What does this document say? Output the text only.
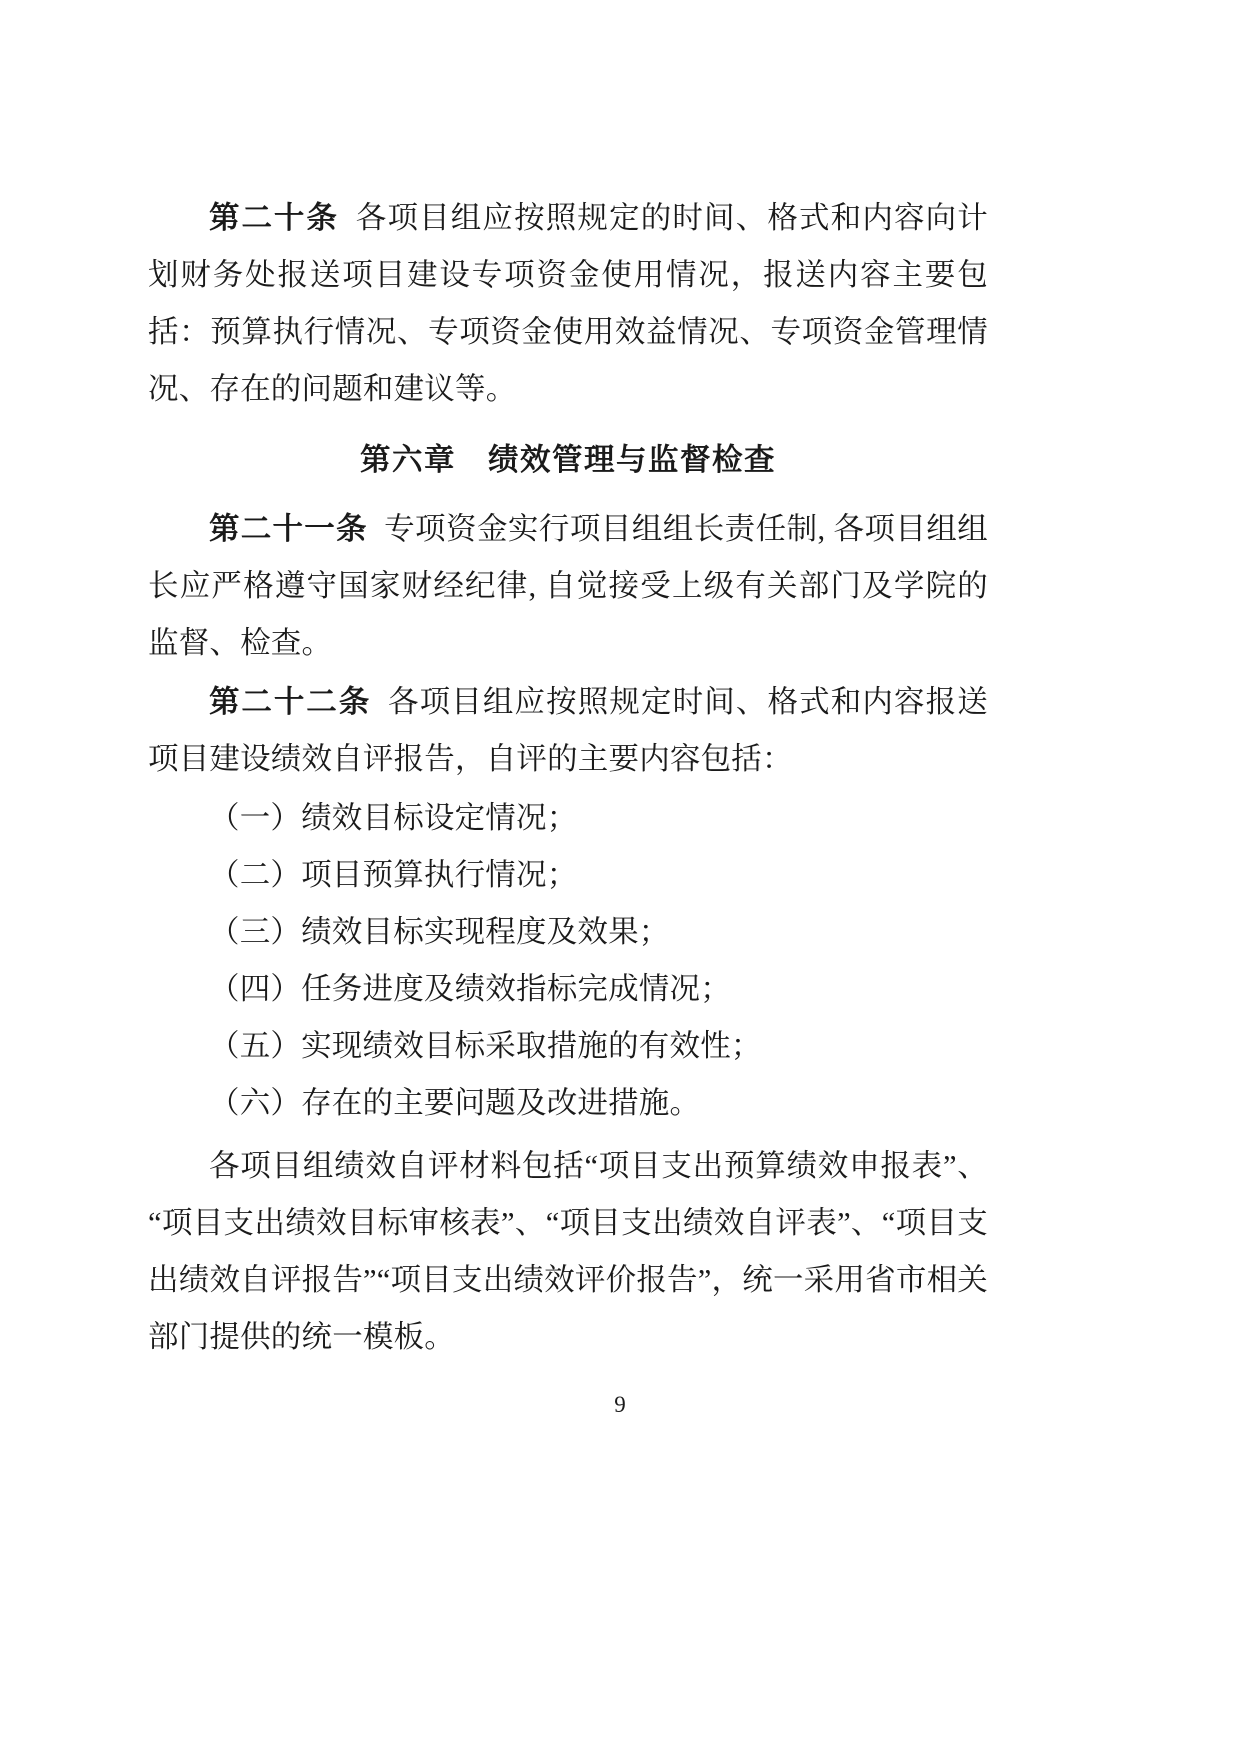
第二十条 各项目组应按照规定的时间、格式和内容向计划财务处报送项目建设专项资金使用情况，报送内容主要包括：预算执行情况、专项资金使用效益情况、专项资金管理情况、存在的问题和建议等。

第六章　绩效管理与监督检查

第二十一条 专项资金实行项目组组长责任制, 各项目组组长应严格遵守国家财经纪律, 自觉接受上级有关部门及学院的监督、检查。

第二十二条 各项目组应按照规定时间、格式和内容报送项目建设绩效自评报告，自评的主要内容包括：

（一）绩效目标设定情况；

（二）项目预算执行情况；

（三）绩效目标实现程度及效果；

（四）任务进度及绩效指标完成情况；

（五）实现绩效目标采取措施的有效性；

（六）存在的主要问题及改进措施。

各项目组绩效自评材料包括“项目支出预算绩效申报表”、“项目支出绩效目标审核表”、“项目支出绩效自评表”、“项目支出绩效自评报告”“项目支出绩效评价报告”，统一采用省市相关部门提供的统一模板。

9
